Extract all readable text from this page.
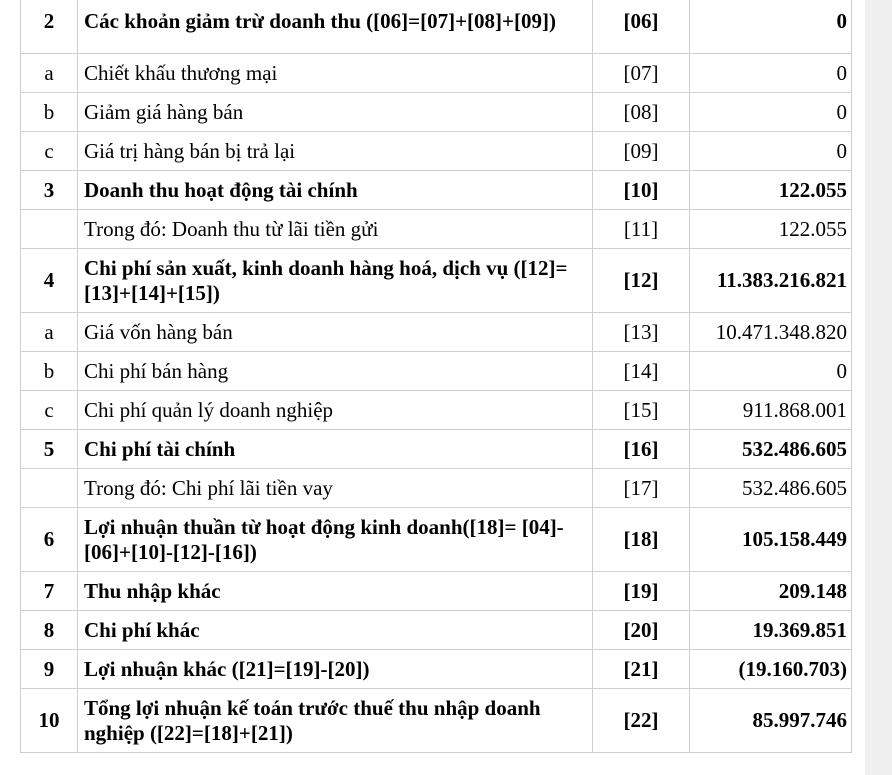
2	Các khoản giảm trừ doanh thu ([06]=[07]+[08]+[09])	[06]	0
a	Chiết khấu thương mại	[07]	0
b	Giảm giá hàng bán	[08]	0
c	Giá trị hàng bán bị trả lại	[09]	0
3	Doanh thu hoạt động tài chính	[10]	122.055
	Trong đó: Doanh thu từ lãi tiền gửi	[11]	122.055
4	Chi phí sản xuất, kinh doanh hàng hoá, dịch vụ ([12]=[13]+[14]+[15])	[12]	11.383.216.821
a	Giá vốn hàng bán	[13]	10.471.348.820
b	Chi phí bán hàng	[14]	0
c	Chi phí quản lý doanh nghiệp	[15]	911.868.001
5	Chi phí tài chính	[16]	532.486.605
	Trong đó: Chi phí lãi tiền vay	[17]	532.486.605
6	Lợi nhuận thuần từ hoạt động kinh doanh([18]= [04]-[06]+[10]-[12]-[16])	[18]	105.158.449
7	Thu nhập khác	[19]	209.148
8	Chi phí khác	[20]	19.369.851
9	Lợi nhuận khác ([21]=[19]-[20])	[21]	(19.160.703)
10	Tổng lợi nhuận kế toán trước thuế thu nhập doanh nghiệp ([22]=[18]+[21])	[22]	85.997.746
